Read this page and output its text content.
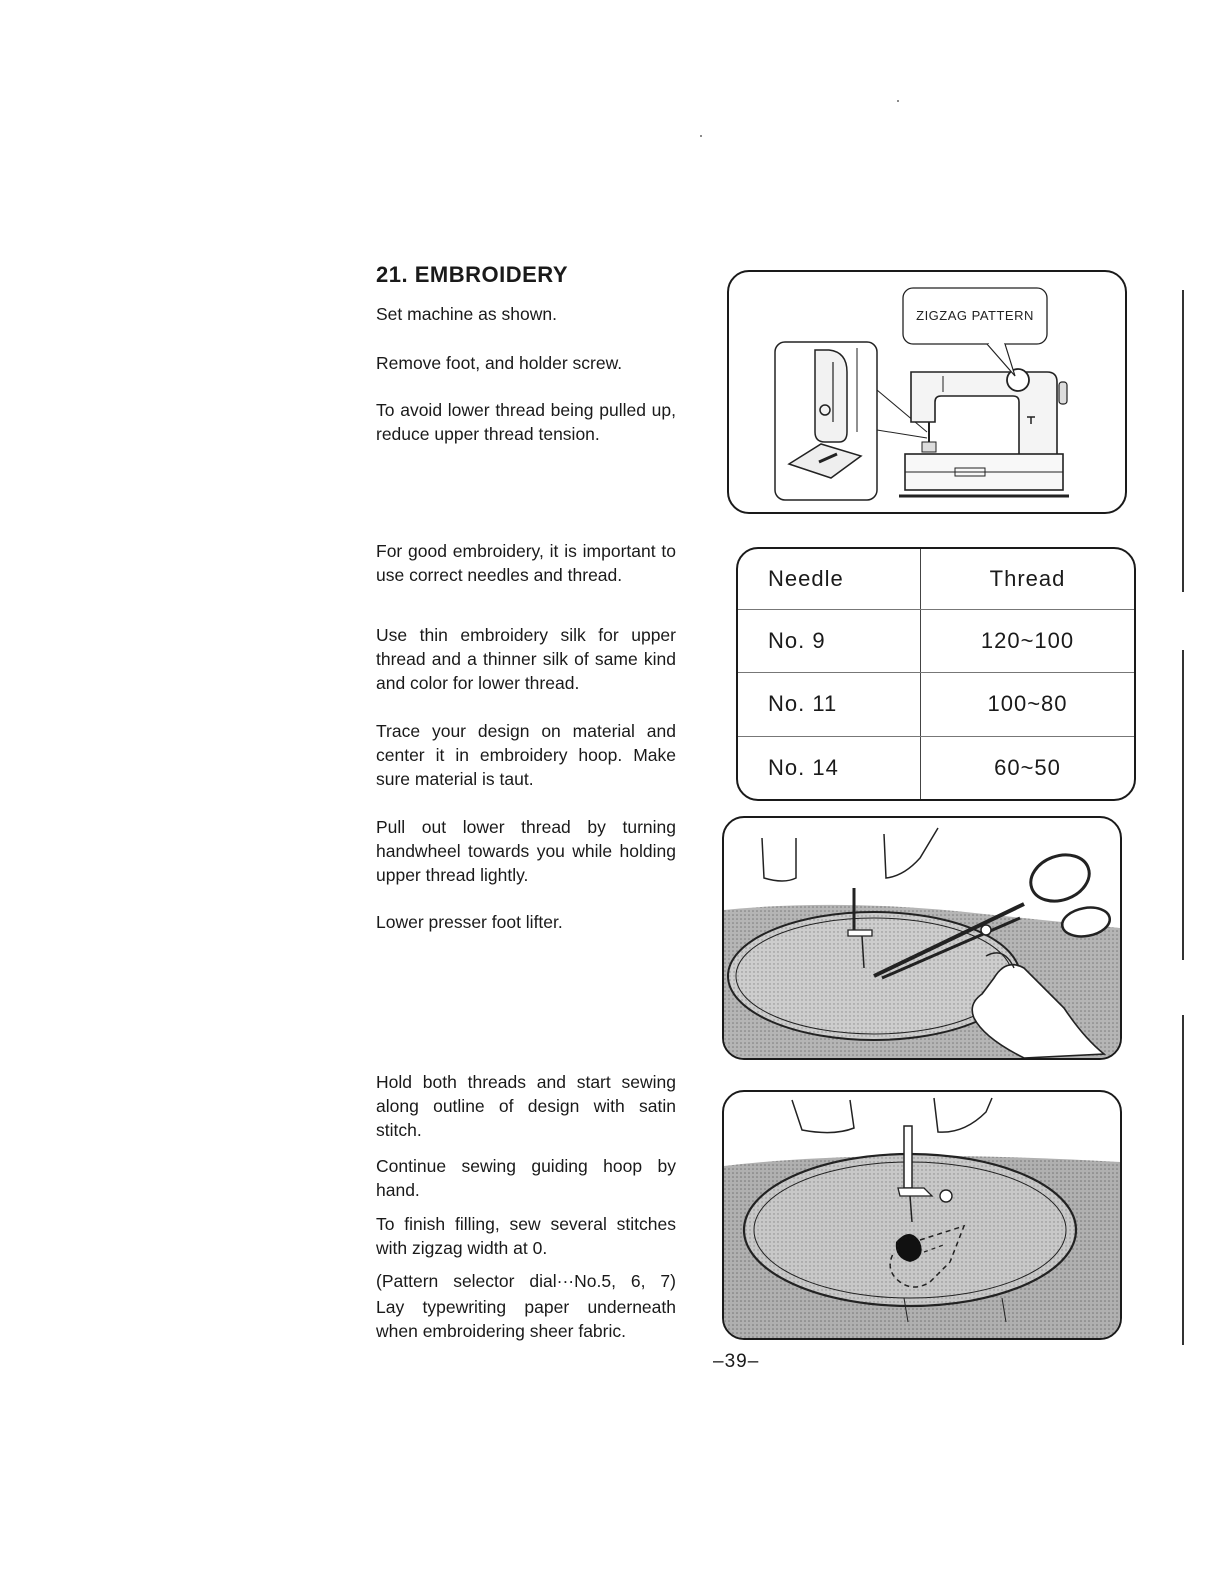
21. EMBROIDERY

Set machine as shown.

Remove foot, and holder screw.

To avoid lower thread being pulled up, reduce upper thread tension.

For good embroidery, it is important to use correct needles and thread.

Use thin embroidery silk for upper thread and a thinner silk of same kind and color for lower thread.

Trace your design on material and center it in embroidery hoop. Make sure material is taut.

Pull out lower thread by turning handwheel towards you while holding upper thread lightly.

Lower presser foot lifter.

Hold both threads and start sewing along outline of design with satin stitch.

Continue sewing guiding hoop by hand.

To finish filling, sew several stitches with zigzag width at 0.

(Pattern selector dial···No.5, 6, 7)

Lay typewriting paper underneath when embroidering sheer fabric.

ZIGZAG PATTERN
Needle	Thread
No. 9	120~100
No. 11	100~80
No. 14	60~50
–39–
